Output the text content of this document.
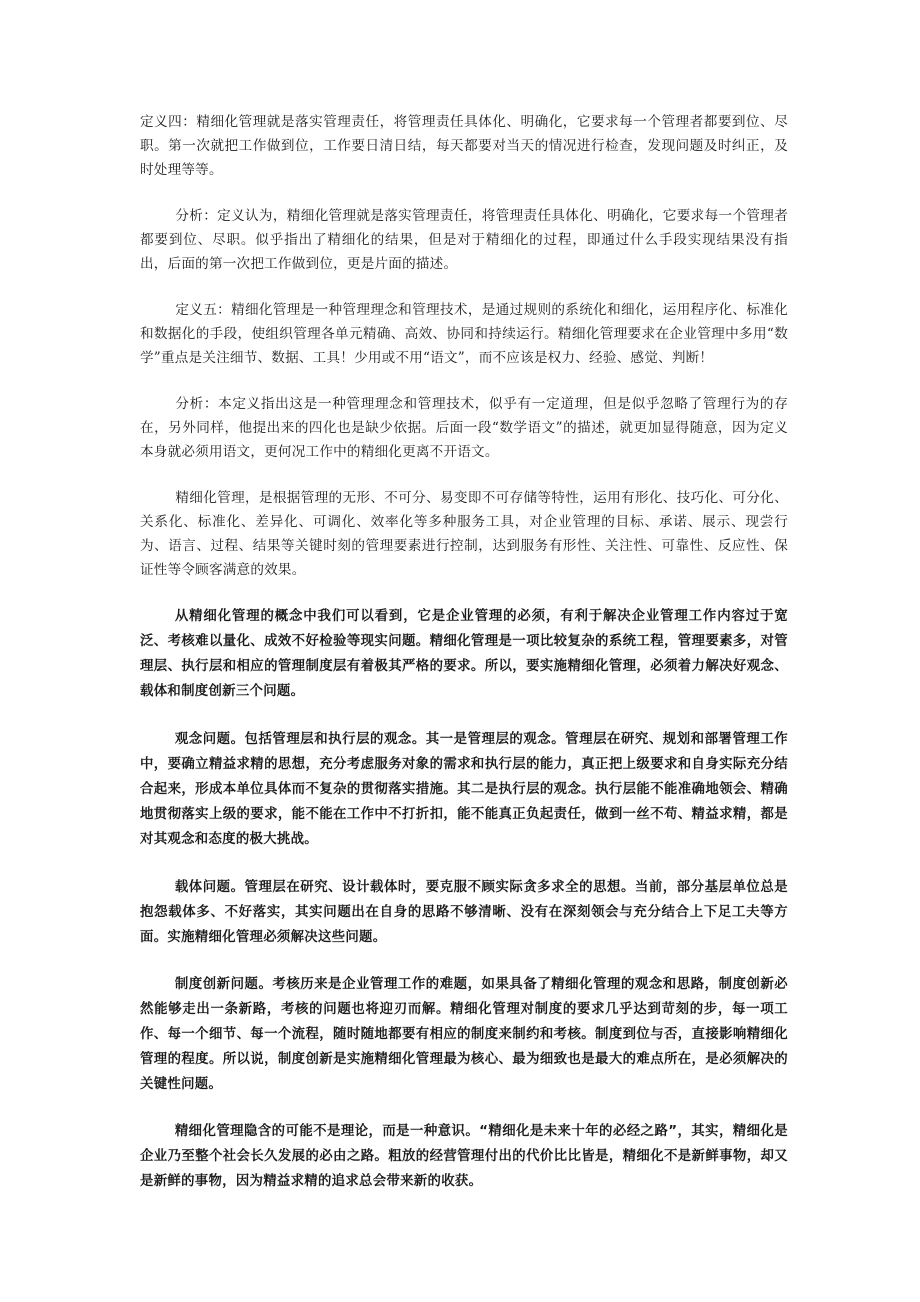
定义四：精细化管理就是落实管理责任，将管理责任具体化、明确化，它要求每一个管理者都要到位、尽职。第一次就把工作做到位，工作要日清日结，每天都要对当天的情况进行检查，发现问题及时纠正，及时处理等等。

分析：定义认为，精细化管理就是落实管理责任，将管理责任具体化、明确化，它要求每一个管理者都要到位、尽职。似乎指出了精细化的结果，但是对于精细化的过程，即通过什么手段实现结果没有指出，后面的第一次把工作做到位，更是片面的描述。

定义五：精细化管理是一种管理理念和管理技术，是通过规则的系统化和细化，运用程序化、标准化和数据化的手段，使组织管理各单元精确、高效、协同和持续运行。精细化管理要求在企业管理中多用“数学”重点是关注细节、数据、工具！少用或不用“语文”，而不应该是权力、经验、感觉、判断！

分析：本定义指出这是一种管理理念和管理技术，似乎有一定道理，但是似乎忽略了管理行为的存在，另外同样，他提出来的四化也是缺少依据。后面一段“数学语文”的描述，就更加显得随意，因为定义本身就必须用语文，更何况工作中的精细化更离不开语文。

精细化管理，是根据管理的无形、不可分、易变即不可存储等特性，运用有形化、技巧化、可分化、关系化、标准化、差异化、可调化、效率化等多种服务工具，对企业管理的目标、承诺、展示、现尝行为、语言、过程、结果等关键时刻的管理要素进行控制，达到服务有形性、关注性、可靠性、反应性、保证性等令顾客满意的效果。

从精细化管理的概念中我们可以看到，它是企业管理的必须，有利于解决企业管理工作内容过于宽泛、考核难以量化、成效不好检验等现实问题。精细化管理是一项比较复杂的系统工程，管理要素多，对管理层、执行层和相应的管理制度层有着极其严格的要求。所以，要实施精细化管理，必须着力解决好观念、载体和制度创新三个问题。

观念问题。包括管理层和执行层的观念。其一是管理层的观念。管理层在研究、规划和部署管理工作中，要确立精益求精的思想，充分考虑服务对象的需求和执行层的能力，真正把上级要求和自身实际充分结合起来，形成本单位具体而不复杂的贯彻落实措施。其二是执行层的观念。执行层能不能准确地领会、精确地贯彻落实上级的要求，能不能在工作中不打折扣，能不能真正负起责任，做到一丝不苟、精益求精，都是对其观念和态度的极大挑战。

载体问题。管理层在研究、设计载体时，要克服不顾实际贪多求全的思想。当前，部分基层单位总是抱怨载体多、不好落实，其实问题出在自身的思路不够清晰、没有在深刻领会与充分结合上下足工夫等方面。实施精细化管理必须解决这些问题。

制度创新问题。考核历来是企业管理工作的难题，如果具备了精细化管理的观念和思路，制度创新必然能够走出一条新路，考核的问题也将迎刃而解。精细化管理对制度的要求几乎达到苛刻的步，每一项工作、每一个细节、每一个流程，随时随地都要有相应的制度来制约和考核。制度到位与否，直接影响精细化管理的程度。所以说，制度创新是实施精细化管理最为核心、最为细致也是最大的难点所在，是必须解决的关键性问题。

精细化管理隐含的可能不是理论，而是一种意识。“精细化是未来十年的必经之路”，其实，精细化是企业乃至整个社会长久发展的必由之路。粗放的经营管理付出的代价比比皆是，精细化不是新鲜事物，却又是新鲜的事物，因为精益求精的追求总会带来新的收获。
